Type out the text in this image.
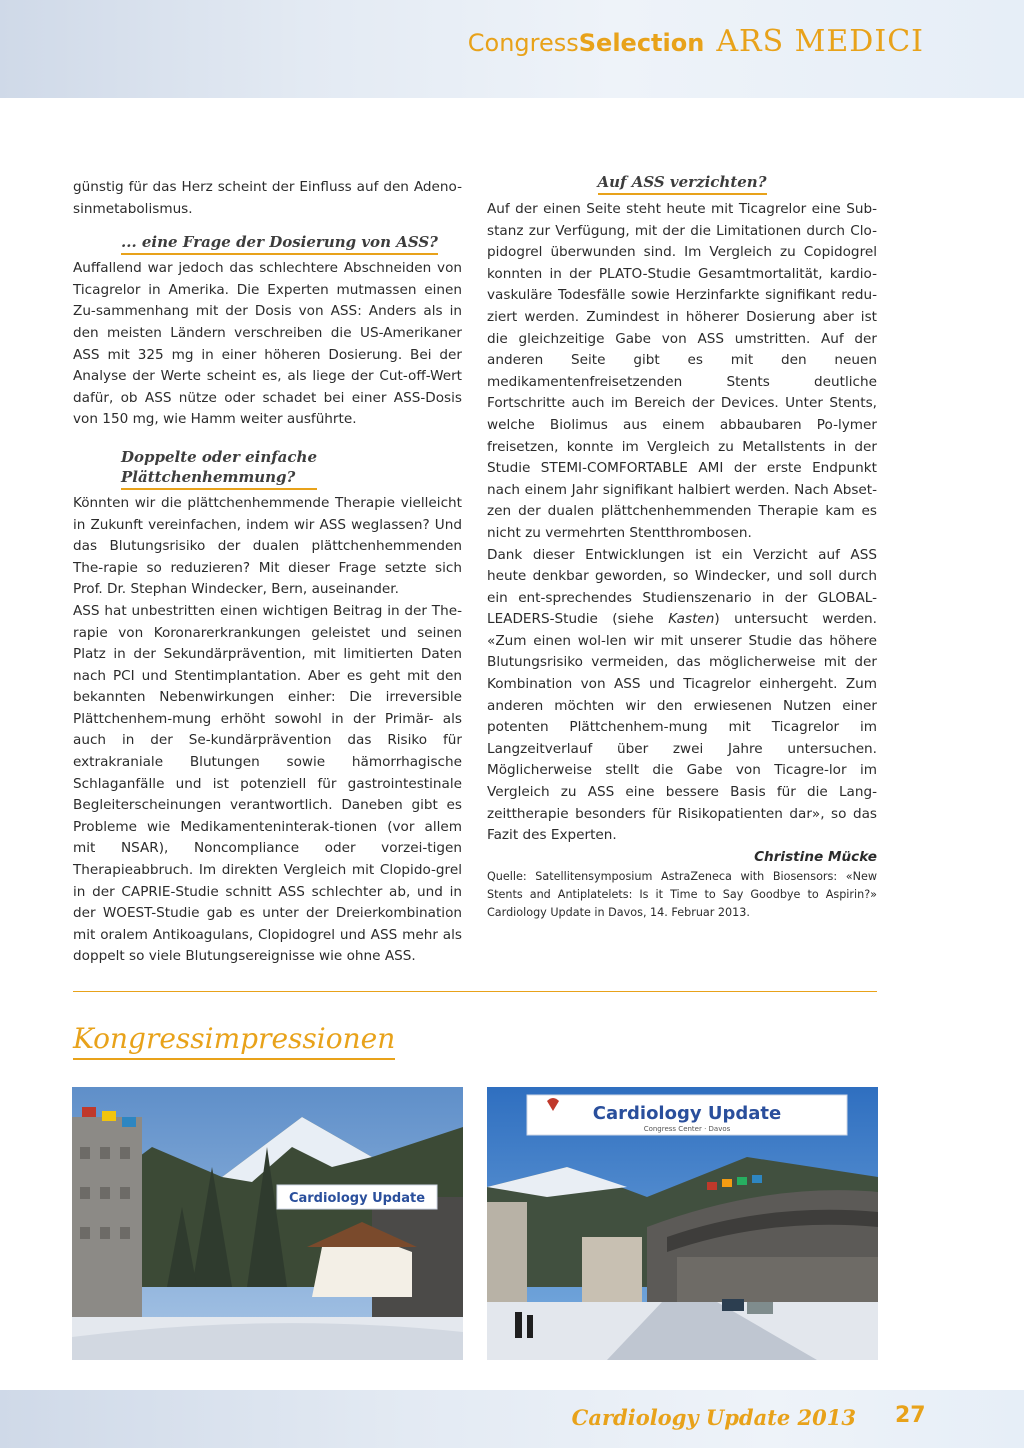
Congress Selection ARS MEDICI

günstig für das Herz scheint der Einfluss auf den Adeno-sinmetabolismus.

... eine Frage der Dosierung von ASS?

Auffallend war jedoch das schlechtere Abschneiden von Ticagrelor in Amerika. Die Experten mutmassen einen Zu-sammenhang mit der Dosis von ASS: Anders als in den meisten Ländern verschreiben die US-Amerikaner ASS mit 325 mg in einer höheren Dosierung. Bei der Analyse der Werte scheint es, als liege der Cut-off-Wert dafür, ob ASS nütze oder schadet bei einer ASS-Dosis von 150 mg, wie Hamm weiter ausführte.

Doppelte oder einfache
Plättchenhemmung?

Könnten wir die plättchenhemmende Therapie vielleicht in Zukunft vereinfachen, indem wir ASS weglassen? Und das Blutungsrisiko der dualen plättchenhemmenden The-rapie so reduzieren? Mit dieser Frage setzte sich Prof. Dr. Stephan Windecker, Bern, auseinander.

ASS hat unbestritten einen wichtigen Beitrag in der The-rapie von Koronarerkrankungen geleistet und seinen Platz in der Sekundärprävention, mit limitierten Daten nach PCI und Stentimplantation. Aber es geht mit den bekannten Nebenwirkungen einher: Die irreversible Plättchenhem-mung erhöht sowohl in der Primär- als auch in der Se-kundärprävention das Risiko für extrakraniale Blutungen sowie hämorrhagische Schlaganfälle und ist potenziell für gastrointestinale Begleiterscheinungen verantwortlich. Daneben gibt es Probleme wie Medikamenteninterak-tionen (vor allem mit NSAR), Noncompliance oder vorzei-tigen Therapieabbruch. Im direkten Vergleich mit Clopido-grel in der CAPRIE-Studie schnitt ASS schlechter ab, und in der WOEST-Studie gab es unter der Dreierkombination mit oralem Antikoagulans, Clopidogrel und ASS mehr als doppelt so viele Blutungsereignisse wie ohne ASS.

Auf ASS verzichten?

Auf der einen Seite steht heute mit Ticagrelor eine Sub-stanz zur Verfügung, mit der die Limitationen durch Clo-pidogrel überwunden sind. Im Vergleich zu Copidogrel konnten in der PLATO-Studie Gesamtmortalität, kardio-vaskuläre Todesfälle sowie Herzinfarkte signifikant redu-ziert werden. Zumindest in höherer Dosierung aber ist die gleichzeitige Gabe von ASS umstritten. Auf der anderen Seite gibt es mit den neuen medikamentenfreisetzenden Stents deutliche Fortschritte auch im Bereich der Devices. Unter Stents, welche Biolimus aus einem abbaubaren Po-lymer freisetzen, konnte im Vergleich zu Metallstents in der Studie STEMI-COMFORTABLE AMI der erste Endpunkt nach einem Jahr signifikant halbiert werden. Nach Abset-zen der dualen plättchenhemmenden Therapie kam es nicht zu vermehrten Stentthrombosen.

Dank dieser Entwicklungen ist ein Verzicht auf ASS heute denkbar geworden, so Windecker, und soll durch ein ent-sprechendes Studienszenario in der GLOBAL-LEADERS-Studie (siehe Kasten) untersucht werden. «Zum einen wol-len wir mit unserer Studie das höhere Blutungsrisiko vermeiden, das möglicherweise mit der Kombination von ASS und Ticagrelor einhergeht. Zum anderen möchten wir den erwiesenen Nutzen einer potenten Plättchenhem-mung mit Ticagrelor im Langzeitverlauf über zwei Jahre untersuchen. Möglicherweise stellt die Gabe von Ticagre-lor im Vergleich zu ASS eine bessere Basis für die Lang-zeittherapie besonders für Risikopatienten dar», so das Fazit des Experten.

Christine Mücke

Quelle: Satellitensymposium AstraZeneca with Biosensors: «New Stents and Antiplatelets: Is it Time to Say Goodbye to Aspirin?» Cardiology Update in Davos, 14. Februar 2013.

Kongressimpressionen
Cardiology Update
Cardiology Update
Congress Center · Davos
Cardiology Update 2013 27
